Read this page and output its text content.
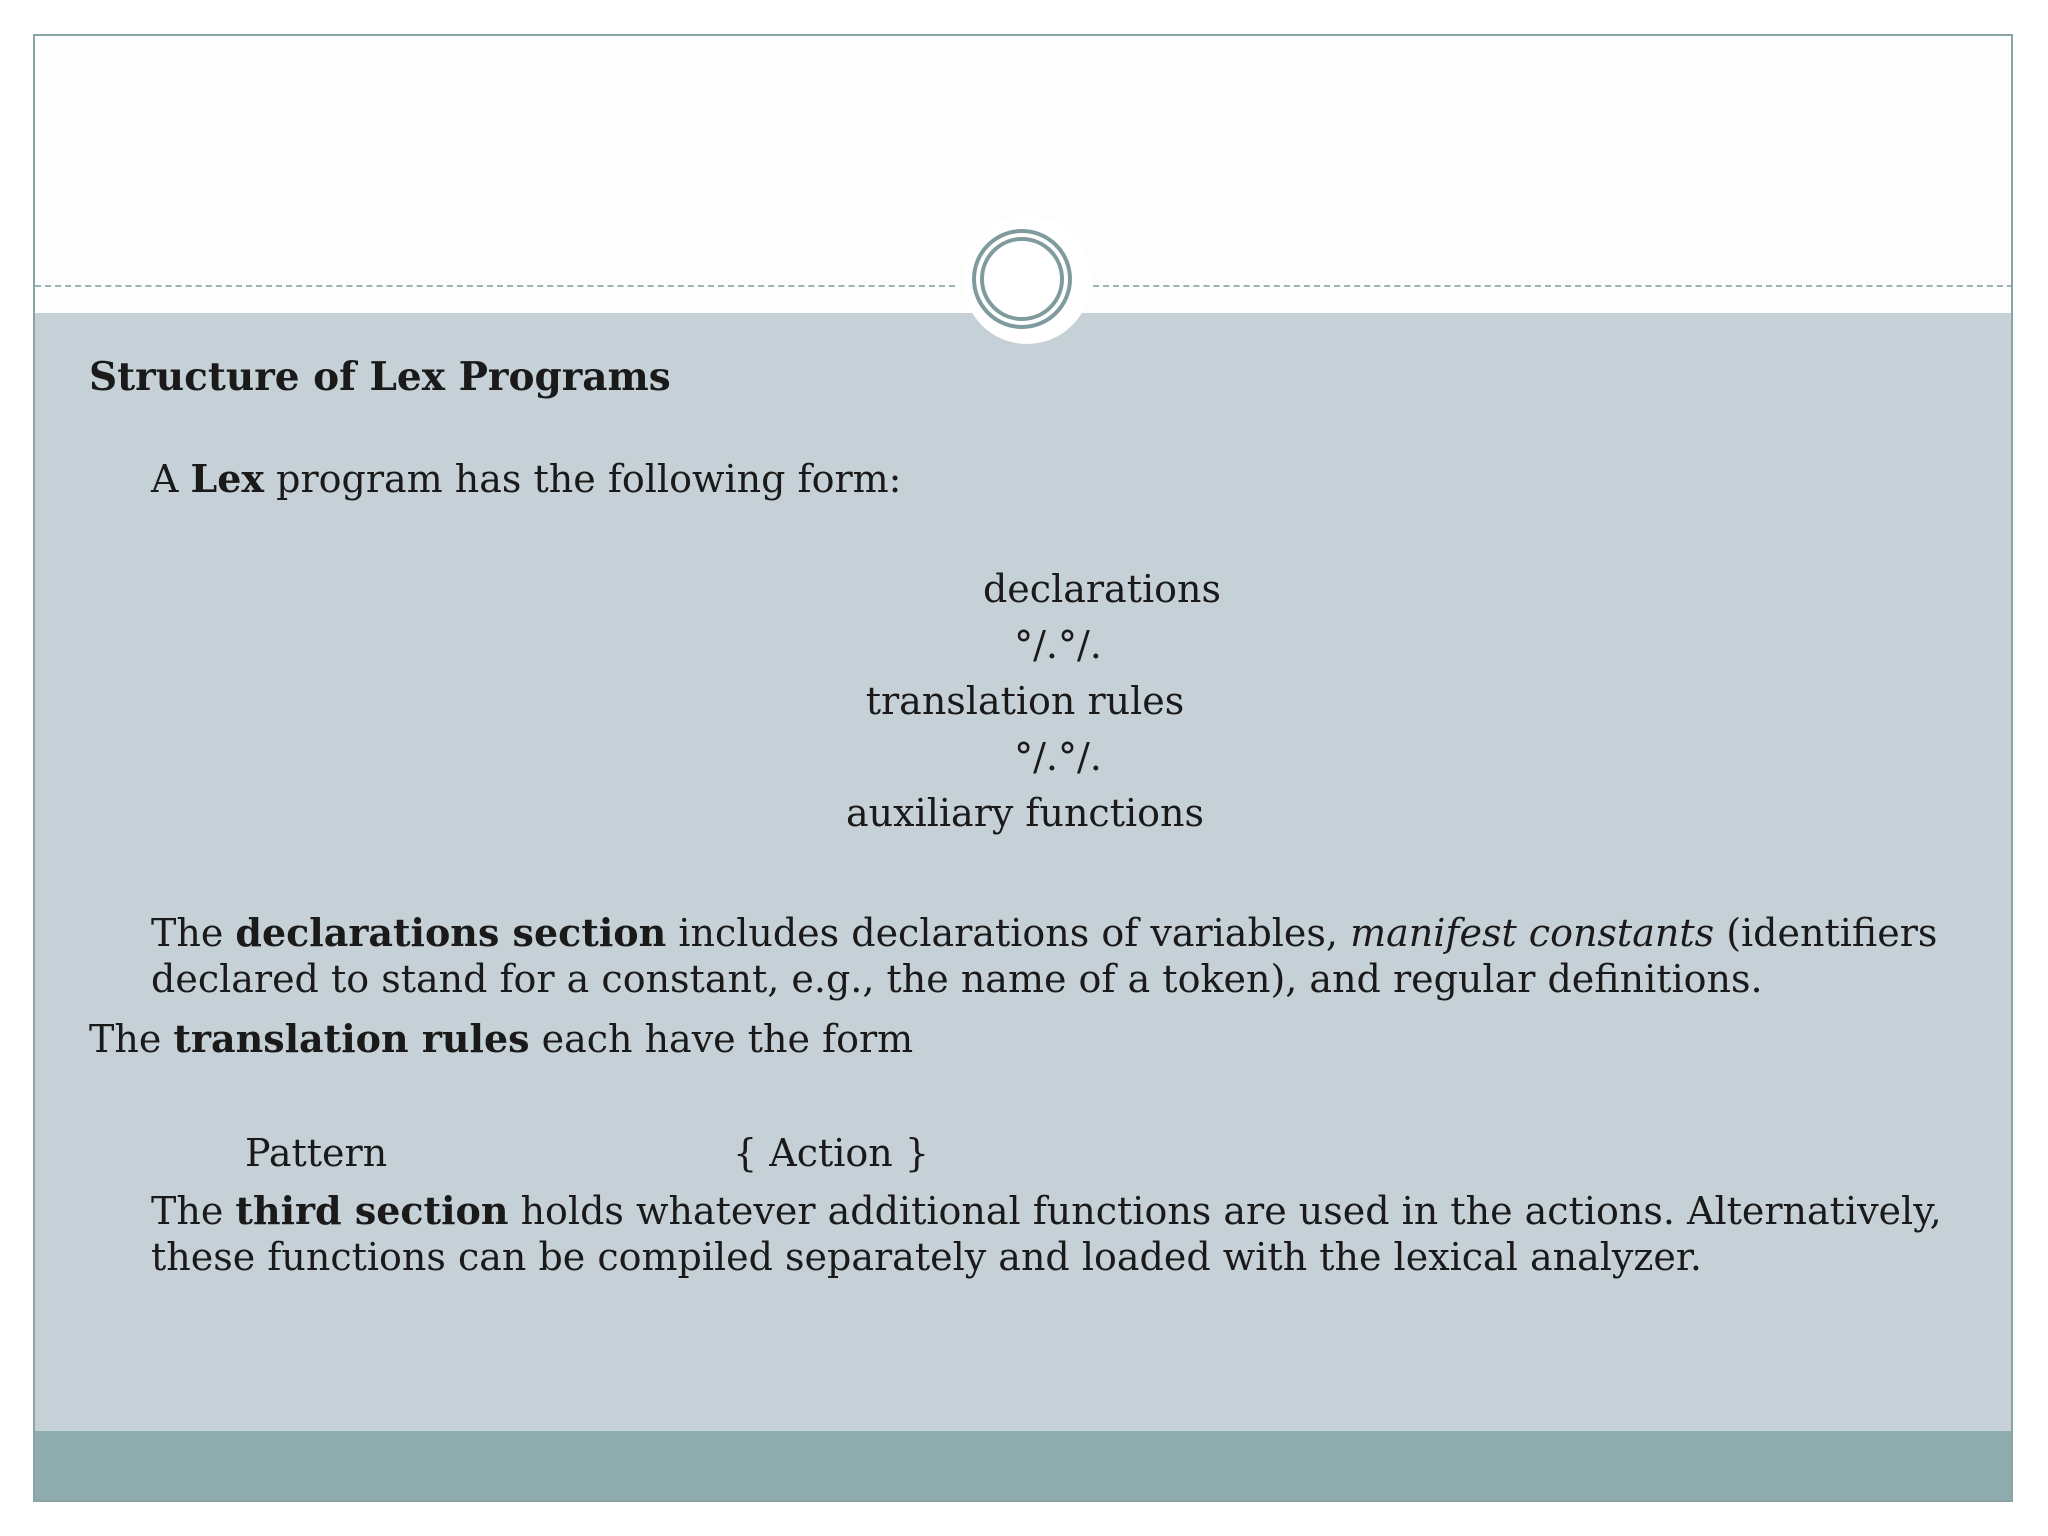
Structure of Lex Programs
A Lex program has the following form:
declarations
°/.°/.
translation rules
°/.°/.
auxiliary functions
The declarations section includes declarations of variables, manifest constants (identifiers
declared to stand for a constant, e.g., the name of a token), and regular definitions.
The translation rules each have the form
Pattern	{ Action }
The third section holds whatever additional functions are used in the actions. Alternatively,
these functions can be compiled separately and loaded with the lexical analyzer.
